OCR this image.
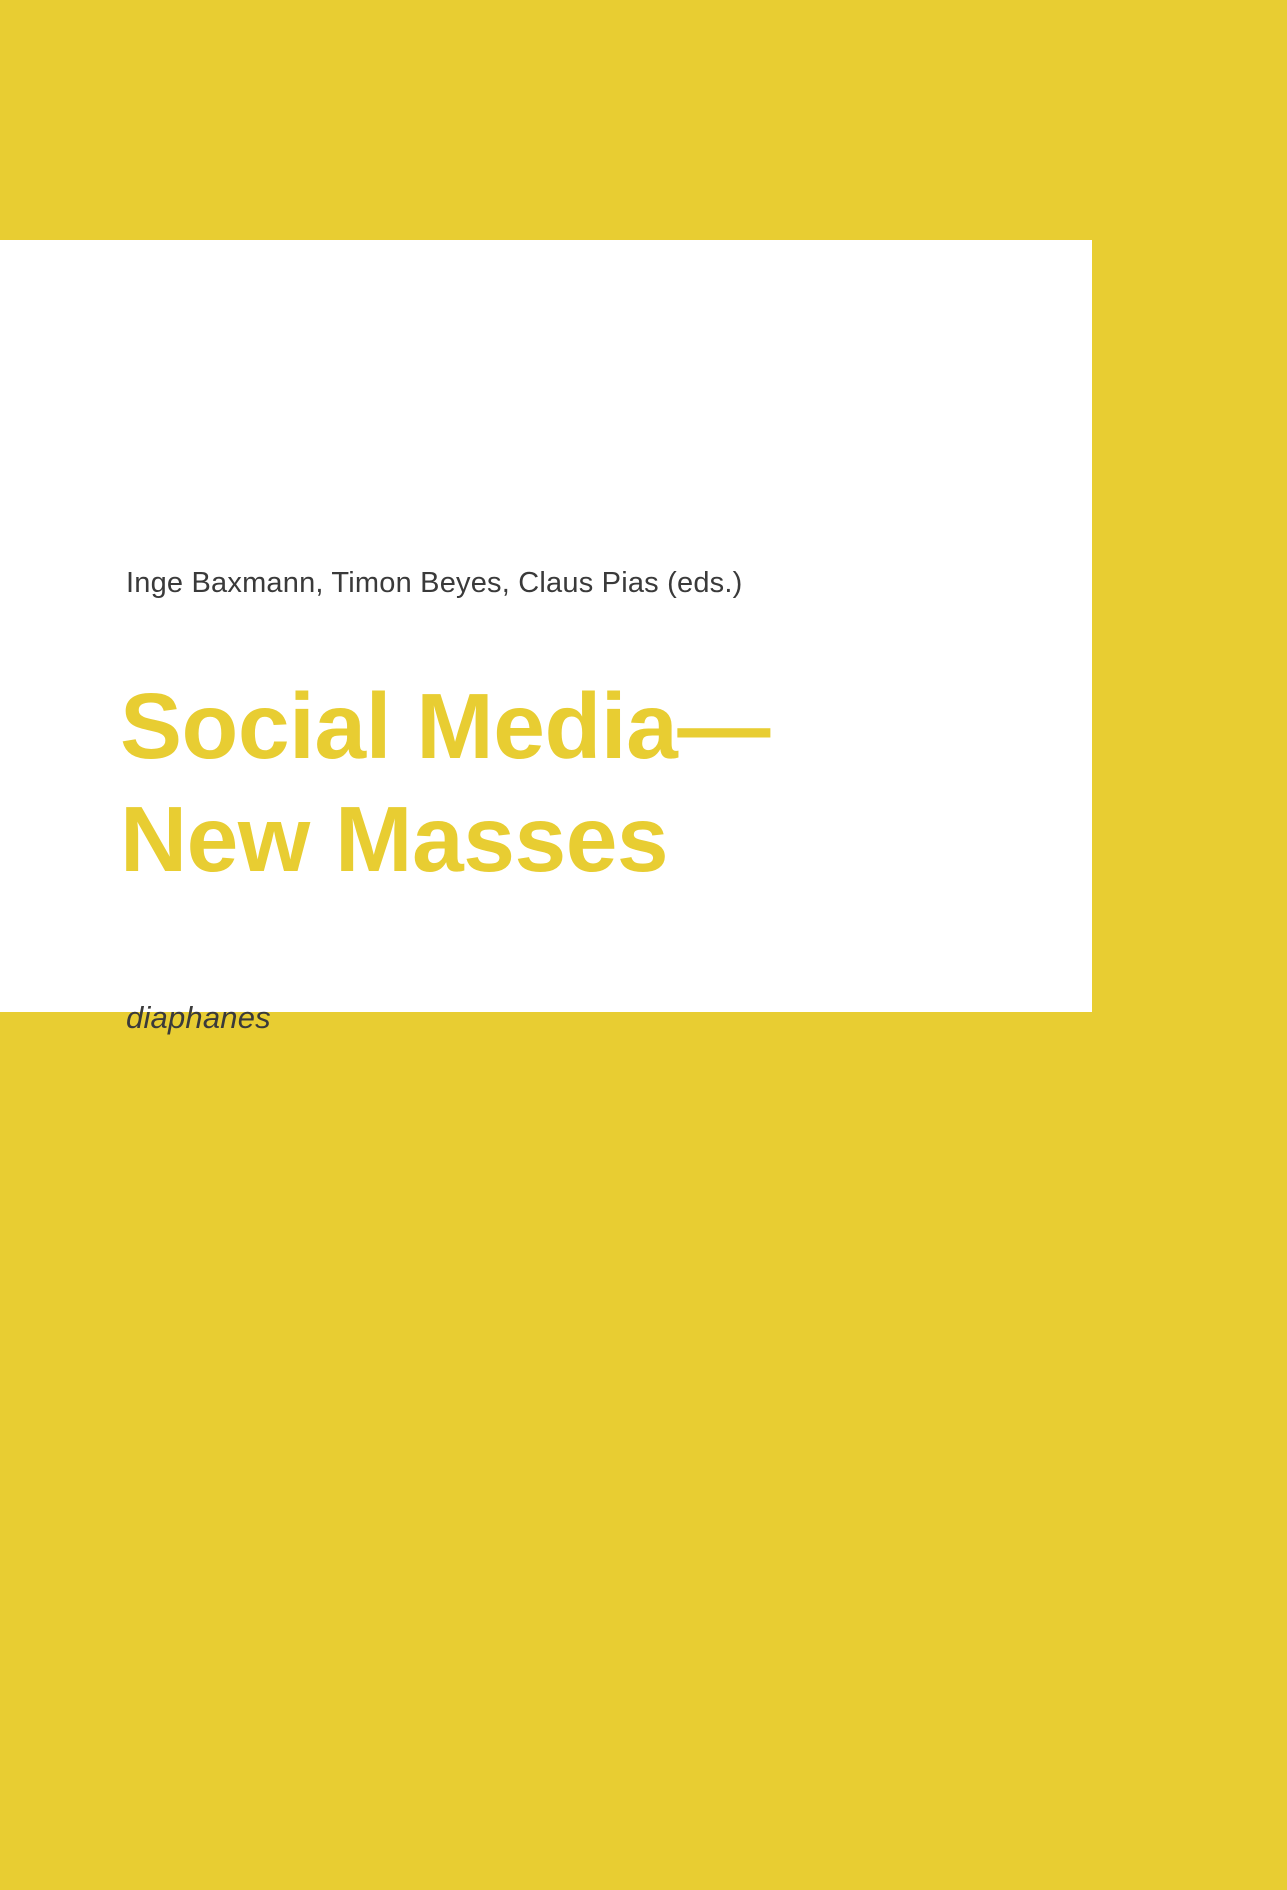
Inge Baxmann, Timon Beyes, Claus Pias (eds.)
Social Media—
New Masses
diaphanes
